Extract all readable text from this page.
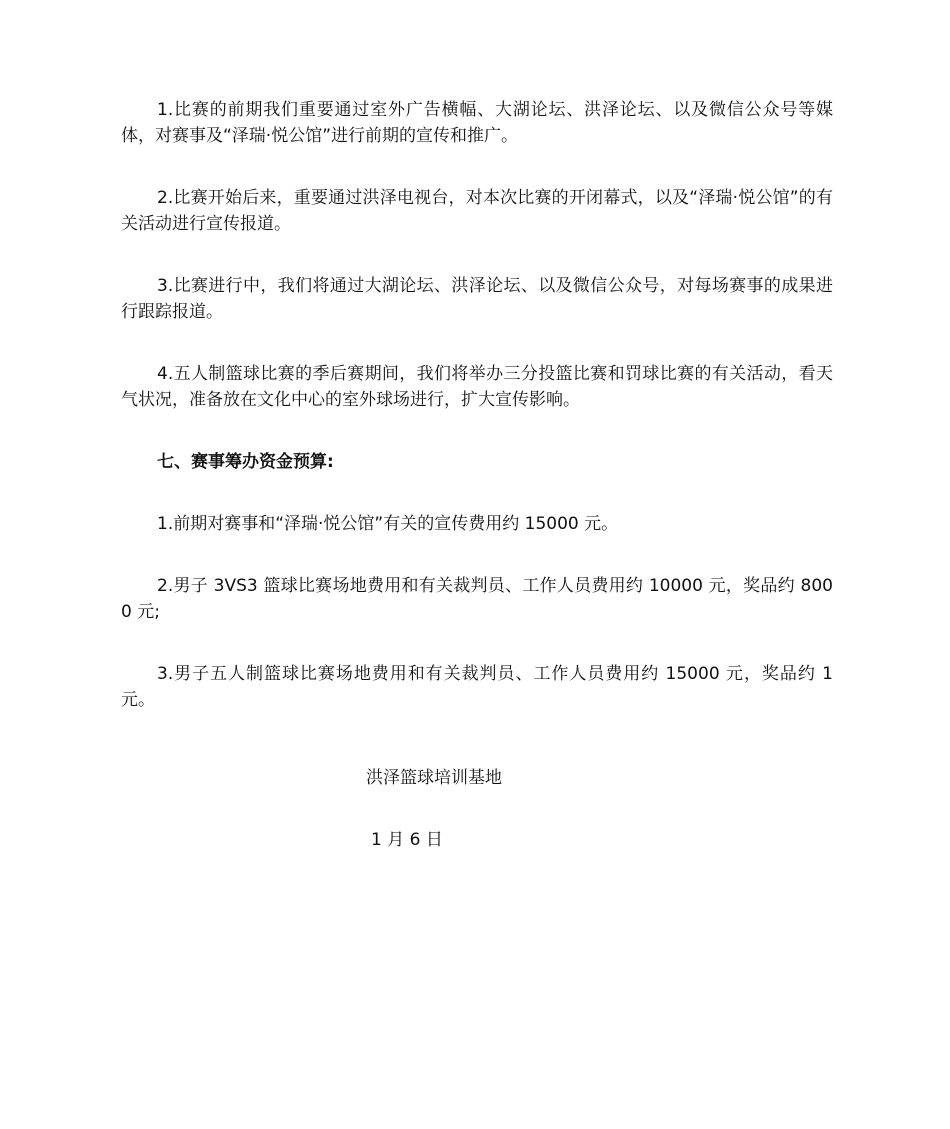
1.比赛的前期我们重要通过室外广告横幅、大湖论坛、洪泽论坛、以及微信公众号等媒体，对赛事及“泽瑞·悦公馆”进行前期的宣传和推广。

2.比赛开始后来，重要通过洪泽电视台，对本次比赛的开闭幕式，以及“泽瑞·悦公馆”的有关活动进行宣传报道。

3.比赛进行中，我们将通过大湖论坛、洪泽论坛、以及微信公众号，对每场赛事的成果进行跟踪报道。

4.五人制篮球比赛的季后赛期间，我们将举办三分投篮比赛和罚球比赛的有关活动，看天气状况，准备放在文化中心的室外球场进行，扩大宣传影响。

七、赛事筹办资金预算:

1.前期对赛事和“泽瑞·悦公馆”有关的宣传费用约 15000 元。

2.男子 3VS3 篮球比赛场地费用和有关裁判员、工作人员费用约 10000 元，奖品约 8000 元;

3.男子五人制篮球比赛场地费用和有关裁判员、工作人员费用约 15000 元，奖品约 1 元。

洪泽篮球培训基地
1 月 6 日
